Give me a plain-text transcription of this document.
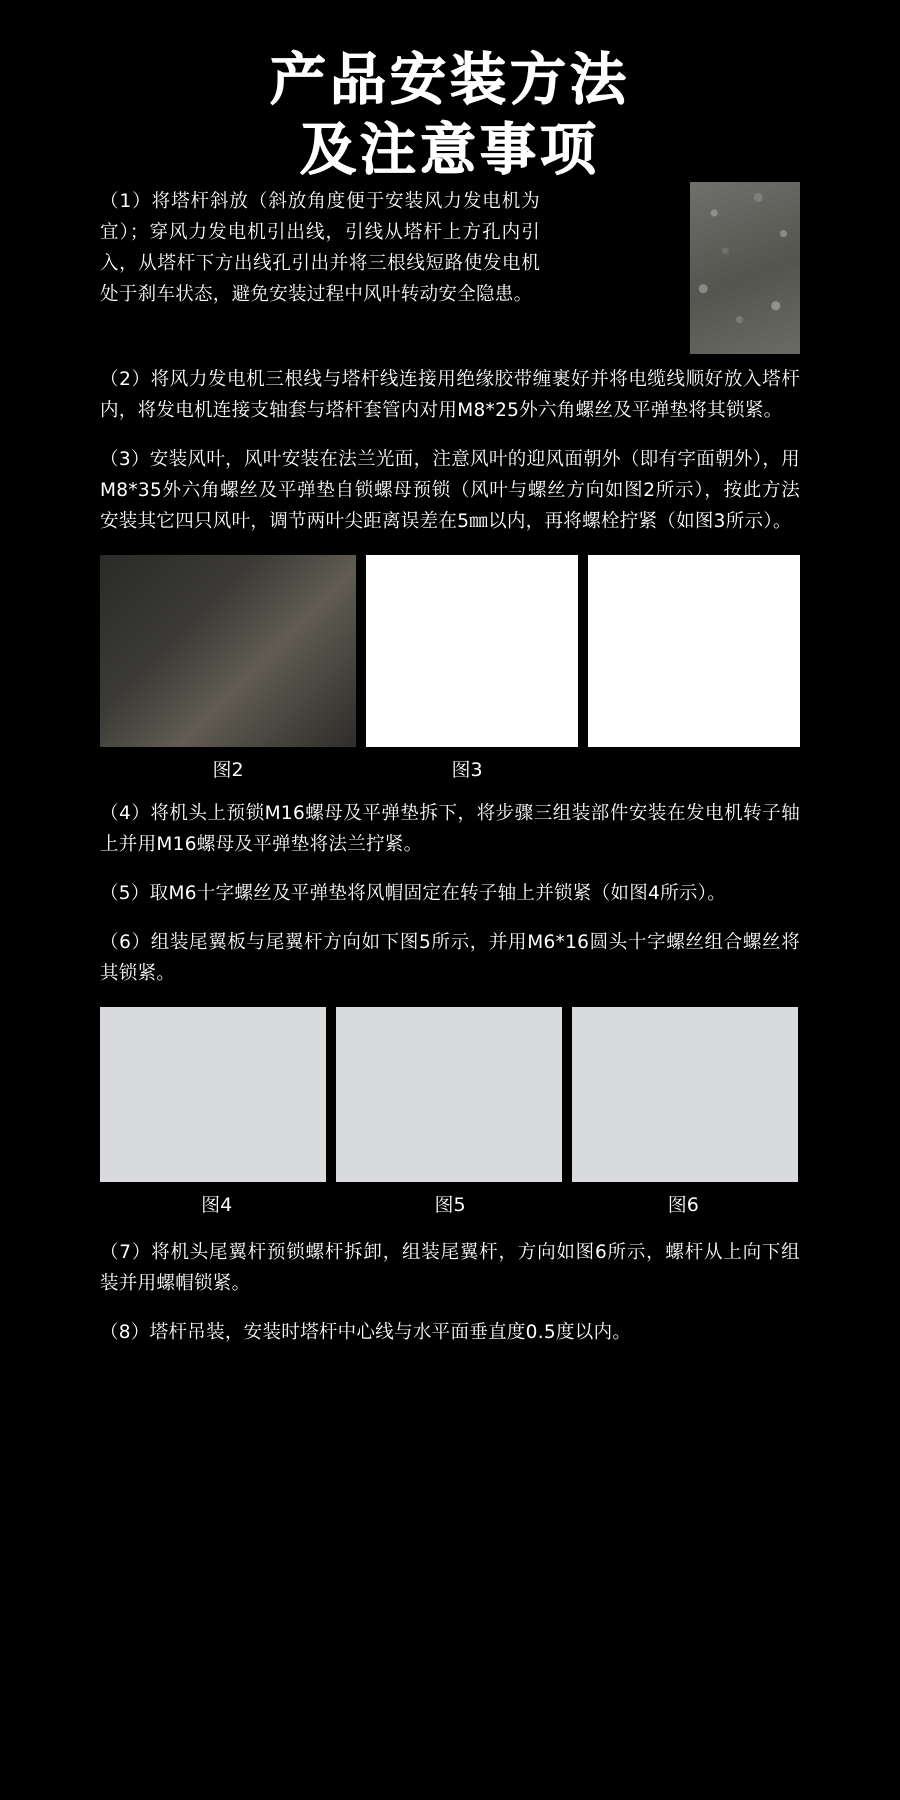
产品安装方法
及注意事项

（1）将塔杆斜放（斜放角度便于安装风力发电机为宜）；穿风力发电机引出线，引线从塔杆上方孔内引入，从塔杆下方出线孔引出并将三根线短路使发电机处于刹车状态，避免安装过程中风叶转动安全隐患。

（2）将风力发电机三根线与塔杆线连接用绝缘胶带缠裹好并将电缆线顺好放入塔杆内，将发电机连接支轴套与塔杆套管内对用M8*25外六角螺丝及平弹垫将其锁紧。

（3）安装风叶，风叶安装在法兰光面，注意风叶的迎风面朝外（即有字面朝外），用M8*35外六角螺丝及平弹垫自锁螺母预锁（风叶与螺丝方向如图2所示），按此方法安装其它四只风叶，调节两叶尖距离误差在5㎜以内，再将螺栓拧紧（如图3所示）。

图2	图3

（4）将机头上预锁M16螺母及平弹垫拆下，将步骤三组装部件安装在发电机转子轴上并用M16螺母及平弹垫将法兰拧紧。

（5）取M6十字螺丝及平弹垫将风帽固定在转子轴上并锁紧（如图4所示）。

（6）组装尾翼板与尾翼杆方向如下图5所示，并用M6*16圆头十字螺丝组合螺丝将其锁紧。

图4	图5	图6

（7）将机头尾翼杆预锁螺杆拆卸，组装尾翼杆，方向如图6所示，螺杆从上向下组装并用螺帽锁紧。

（8）塔杆吊装，安装时塔杆中心线与水平面垂直度0.5度以内。
